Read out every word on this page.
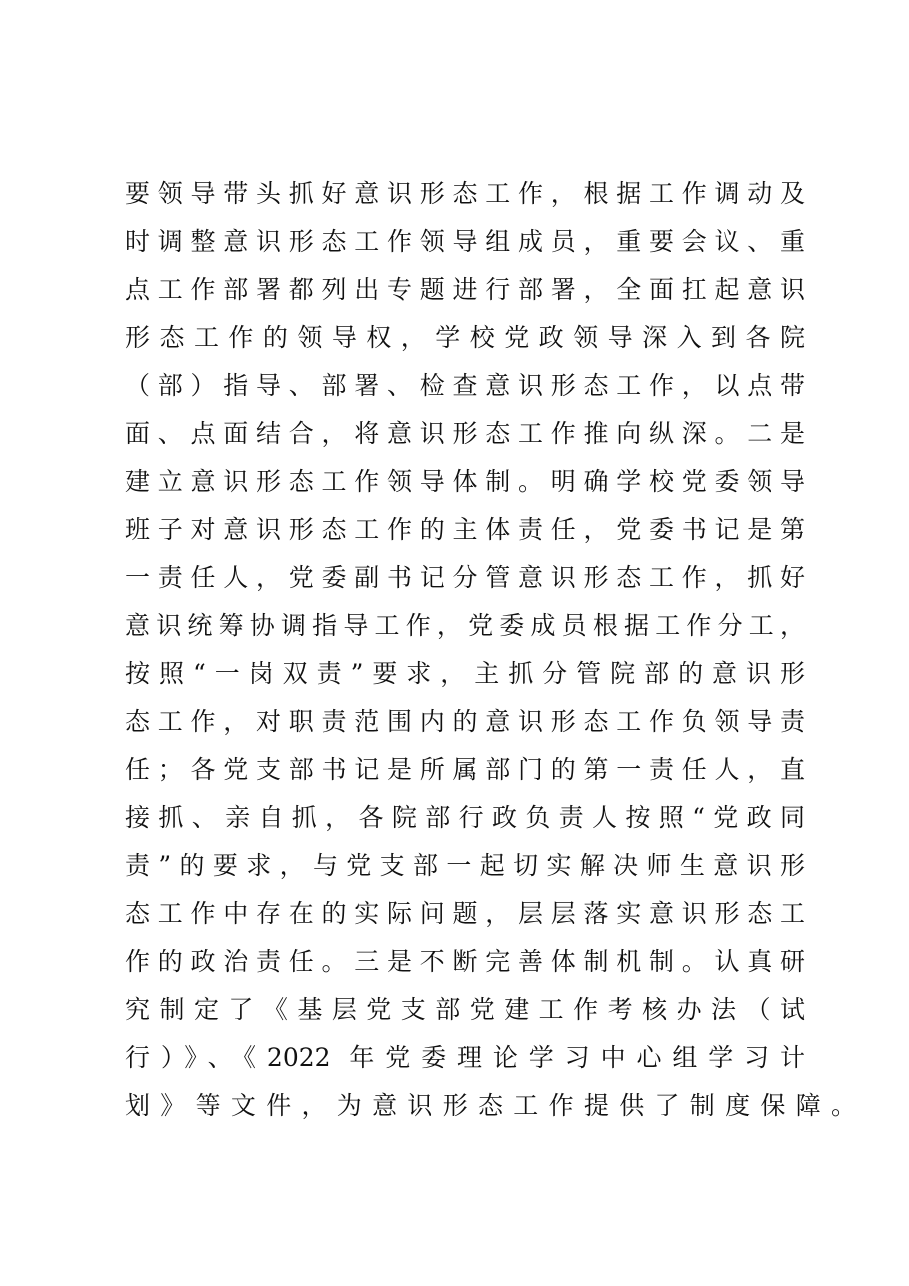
要领导带头抓好意识形态工作，根据工作调动及
时调整意识形态工作领导组成员，重要会议、重
点工作部署都列出专题进行部署，全面扛起意识
形态工作的领导权，学校党政领导深入到各院
（部）指导、部署、检查意识形态工作，以点带
面、点面结合，将意识形态工作推向纵深。二是
建立意识形态工作领导体制。明确学校党委领导
班子对意识形态工作的主体责任，党委书记是第
一责任人，党委副书记分管意识形态工作，抓好
意识统筹协调指导工作，党委成员根据工作分工，
按照“一岗双责”要求，主抓分管院部的意识形
态工作，对职责范围内的意识形态工作负领导责
任；各党支部书记是所属部门的第一责任人，直
接抓、亲自抓，各院部行政负责人按照“党政同
责”的要求，与党支部一起切实解决师生意识形
态工作中存在的实际问题，层层落实意识形态工
作的政治责任。三是不断完善体制机制。认真研
究制定了《基层党支部党建工作考核办法（试
行）》、《2022 年党委理论学习中心组学习计
划》等文件，为意识形态工作提供了制度保障。
